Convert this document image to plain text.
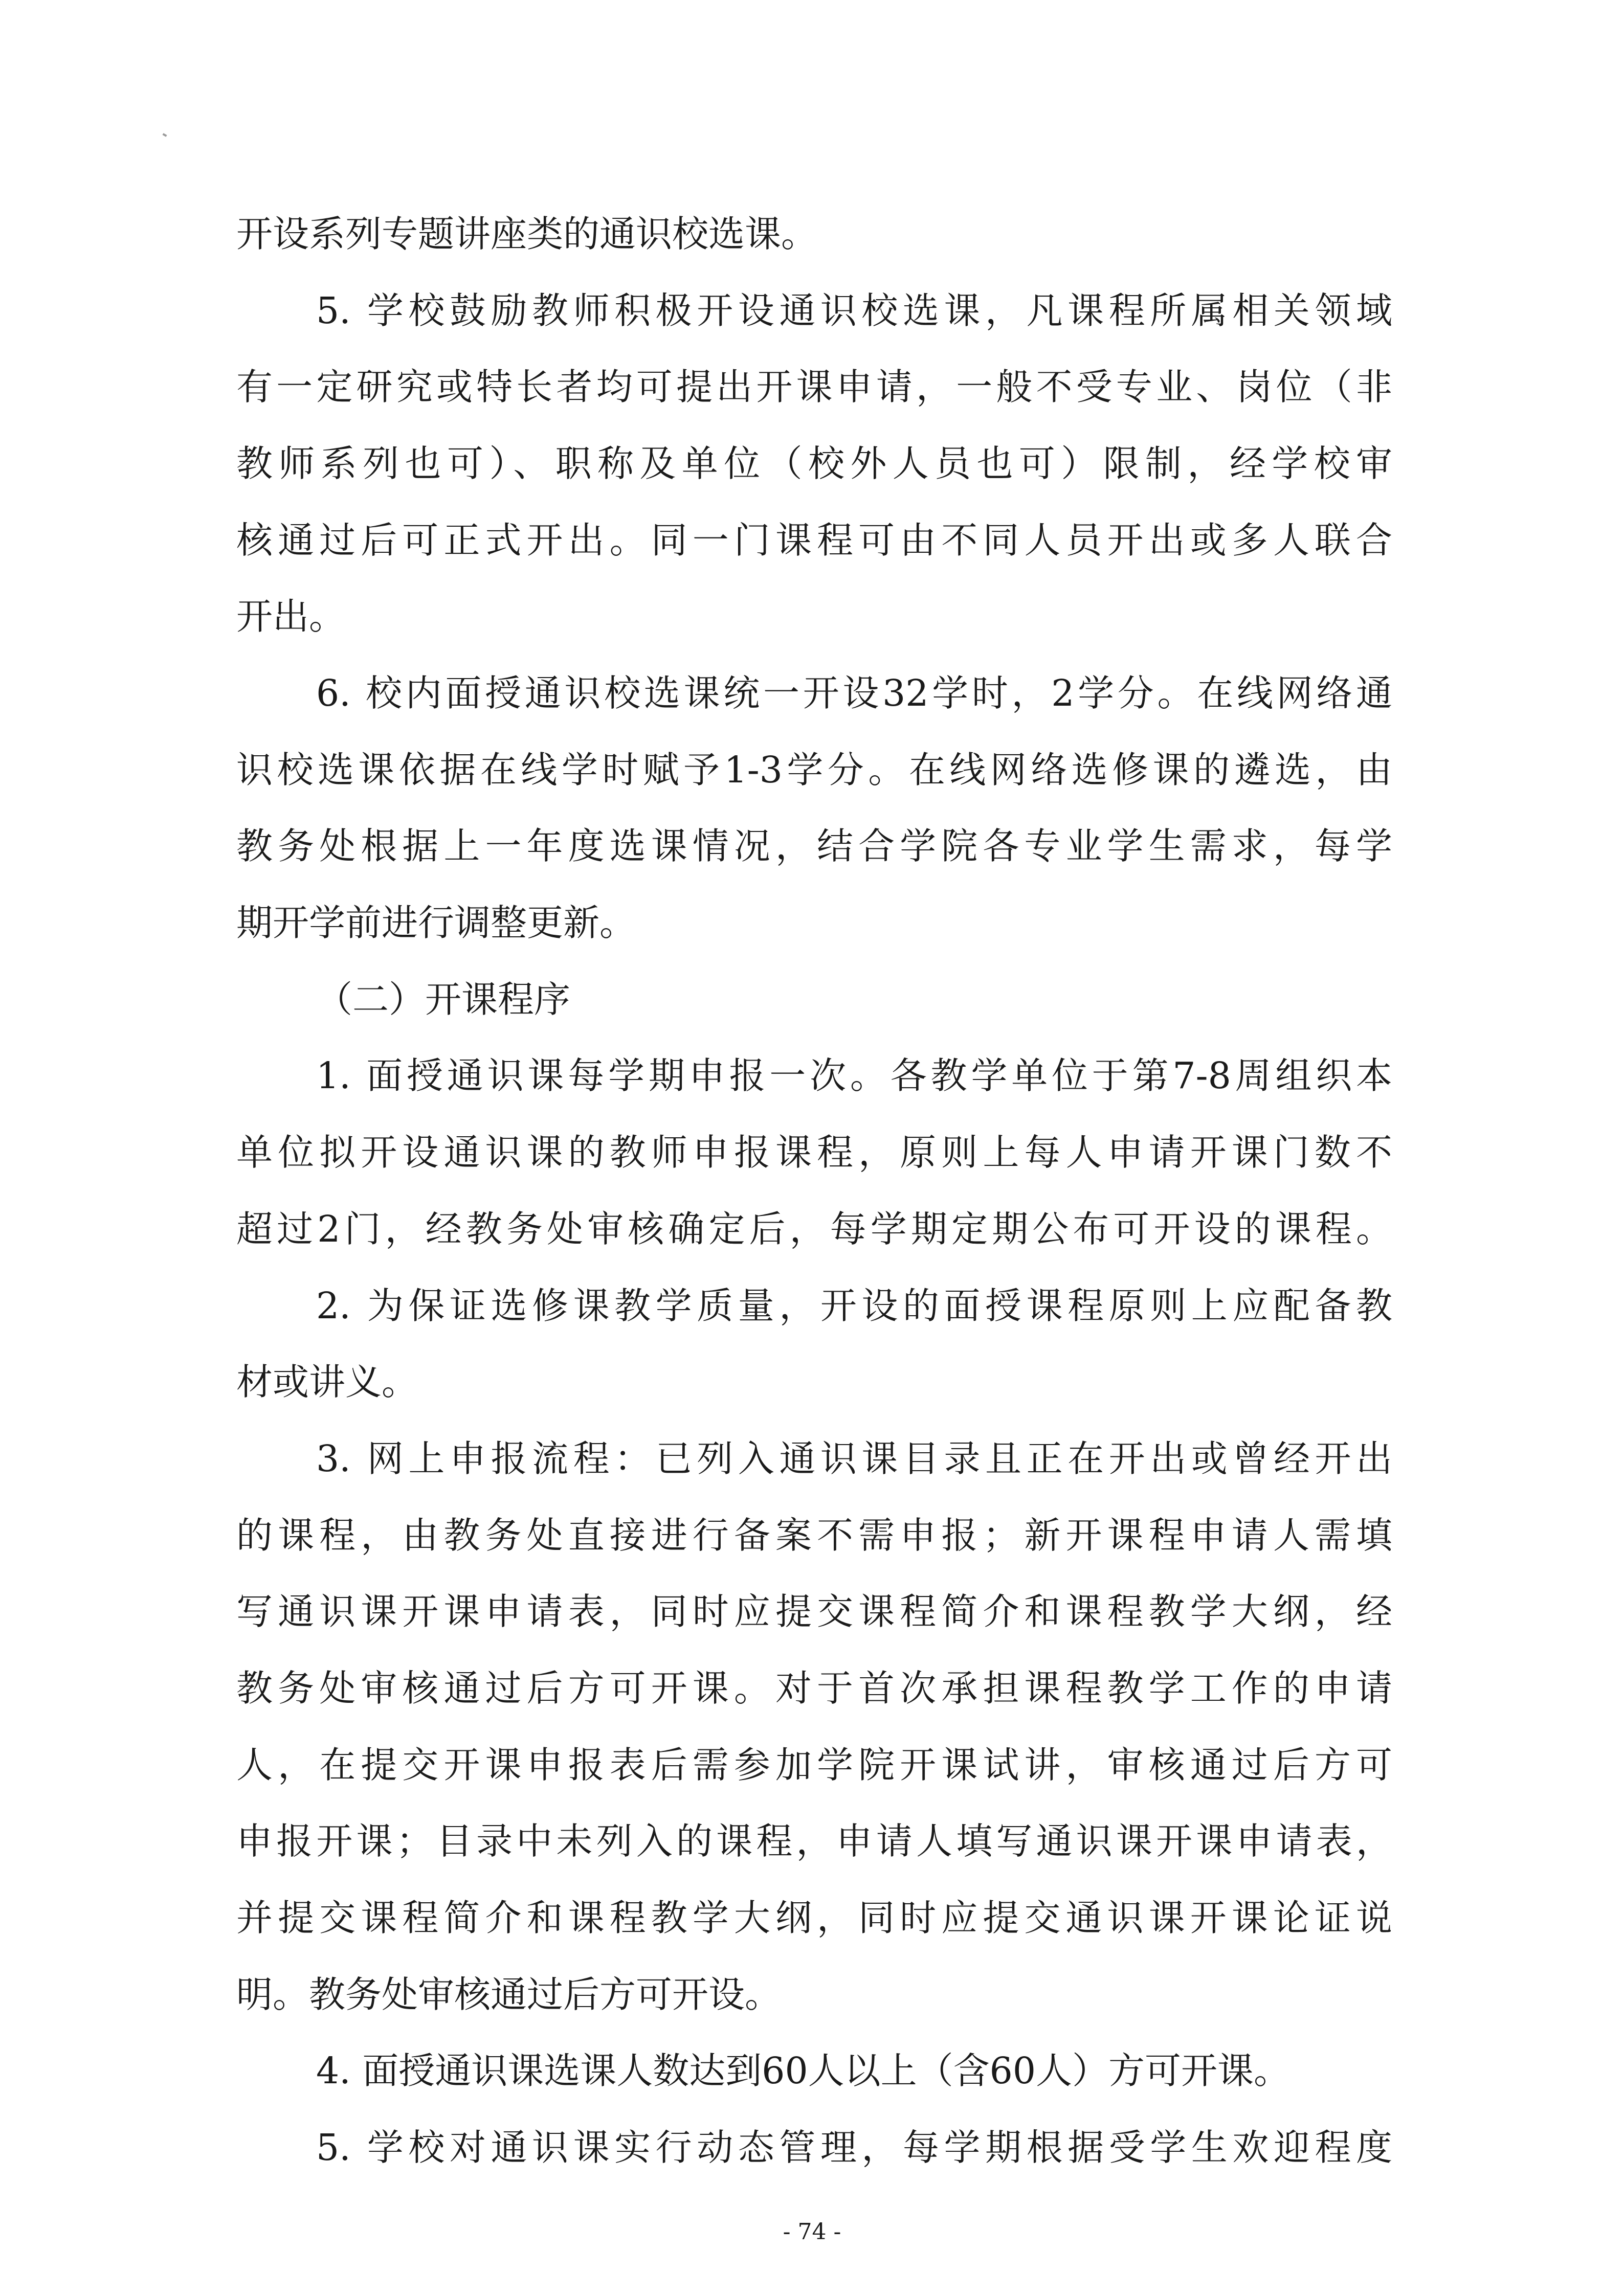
开设系列专题讲座类的通识校选课。
5. 学校鼓励教师积极开设通识校选课，凡课程所属相关领域
有一定研究或特长者均可提出开课申请，一般不受专业、岗位（非
教师系列也可）、职称及单位（校外人员也可）限制，经学校审
核通过后可正式开出。同一门课程可由不同人员开出或多人联合
开出。
6. 校内面授通识校选课统一开设32学时，2学分。在线网络通
识校选课依据在线学时赋予1-3学分。在线网络选修课的遴选，由
教务处根据上一年度选课情况，结合学院各专业学生需求，每学
期开学前进行调整更新。
（二）开课程序
1. 面授通识课每学期申报一次。各教学单位于第7-8周组织本
单位拟开设通识课的教师申报课程，原则上每人申请开课门数不
超过2门，经教务处审核确定后，每学期定期公布可开设的课程。
2. 为保证选修课教学质量，开设的面授课程原则上应配备教
材或讲义。
3. 网上申报流程：已列入通识课目录且正在开出或曾经开出
的课程，由教务处直接进行备案不需申报；新开课程申请人需填
写通识课开课申请表，同时应提交课程简介和课程教学大纲，经
教务处审核通过后方可开课。对于首次承担课程教学工作的申请
人，在提交开课申报表后需参加学院开课试讲，审核通过后方可
申报开课；目录中未列入的课程，申请人填写通识课开课申请表，
并提交课程简介和课程教学大纲，同时应提交通识课开课论证说
明。教务处审核通过后方可开设。
4. 面授通识课选课人数达到60人以上（含60人）方可开课。
5. 学校对通识课实行动态管理，每学期根据受学生欢迎程度
- 74 -
